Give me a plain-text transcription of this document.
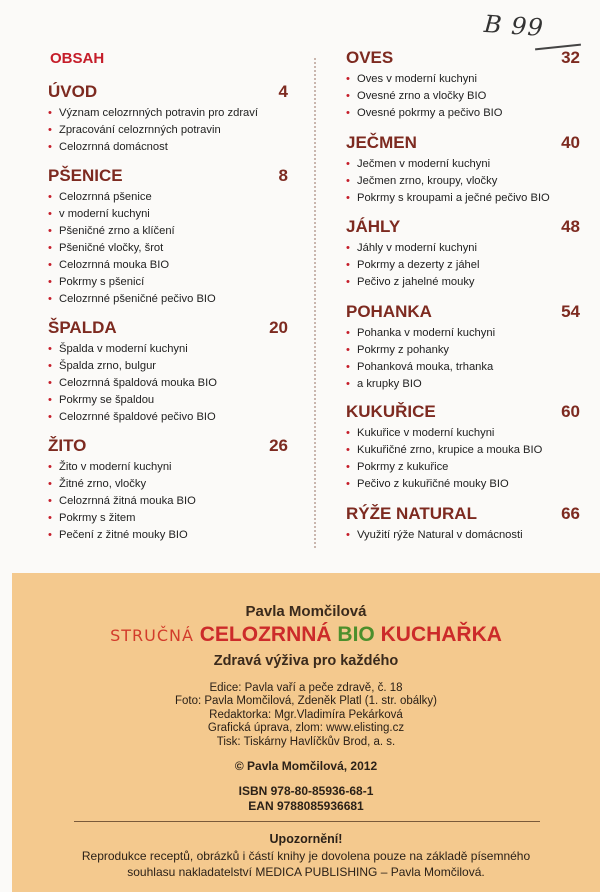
B 99
OBSAH
ÚVOD	4
• Význam celozrnných potravin pro zdraví
• Zpracování celozrnných potravin
• Celozrnná domácnost
PŠENICE	8
• Celozrnná pšenice
• v moderní kuchyni
• Pšeničné zrno a klíčení
• Pšeničné vločky, šrot
• Celozrnná mouka BIO
• Pokrmy s pšenicí
• Celozrnné pšeničné pečivo BIO
ŠPALDA	20
• Špalda v moderní kuchyni
• Špalda zrno, bulgur
• Celozrnná špaldová mouka BIO
• Pokrmy se špaldou
• Celozrnné špaldové pečivo BIO
ŽITO	26
• Žito v moderní kuchyni
• Žitné zrno, vločky
• Celozrnná žitná mouka BIO
• Pokrmy s žitem
• Pečení z žitné mouky BIO
OVES	32
• Oves v moderní kuchyni
• Ovesné zrno a vločky BIO
• Ovesné pokrmy a pečivo BIO
JEČMEN	40
• Ječmen v moderní kuchyni
• Ječmen zrno, kroupy, vločky
• Pokrmy s kroupami a ječné pečivo BIO
JÁHLY	48
• Jáhly v moderní kuchyni
• Pokrmy a dezerty z jáhel
• Pečivo z jahelné mouky
POHANKA	54
• Pohanka v moderní kuchyni
• Pokrmy z pohanky
• Pohanková mouka, trhanka
• a krupky BIO
KUKUŘICE	60
• Kukuřice v moderní kuchyni
• Kukuřičné zrno, krupice a mouka BIO
• Pokrmy z kukuřice
• Pečivo z kukuřičné mouky BIO
RÝŽE NATURAL	66
• Využití rýže Natural v domácnosti
Pavla Momčilová
STRUČNÁ CELOZRNNÁ BIO KUCHAŘKA
Zdravá výživa pro každého
Edice: Pavla vaří a peče zdravě, č. 18
Foto: Pavla Momčilová, Zdeněk Platl (1. str. obálky)
Redaktorka: Mgr.Vladimíra Pekárková
Grafická úprava, zlom: www.elisting.cz
Tisk: Tiskárny Havlíčkův Brod, a. s.
© Pavla Momčilová, 2012
ISBN 978-80-85936-68-1
EAN 9788085936681
Upozornění!
Reprodukce receptů, obrázků i částí knihy je dovolena pouze na základě písemného
souhlasu nakladatelství MEDICA PUBLISHING – Pavla Momčilová.
